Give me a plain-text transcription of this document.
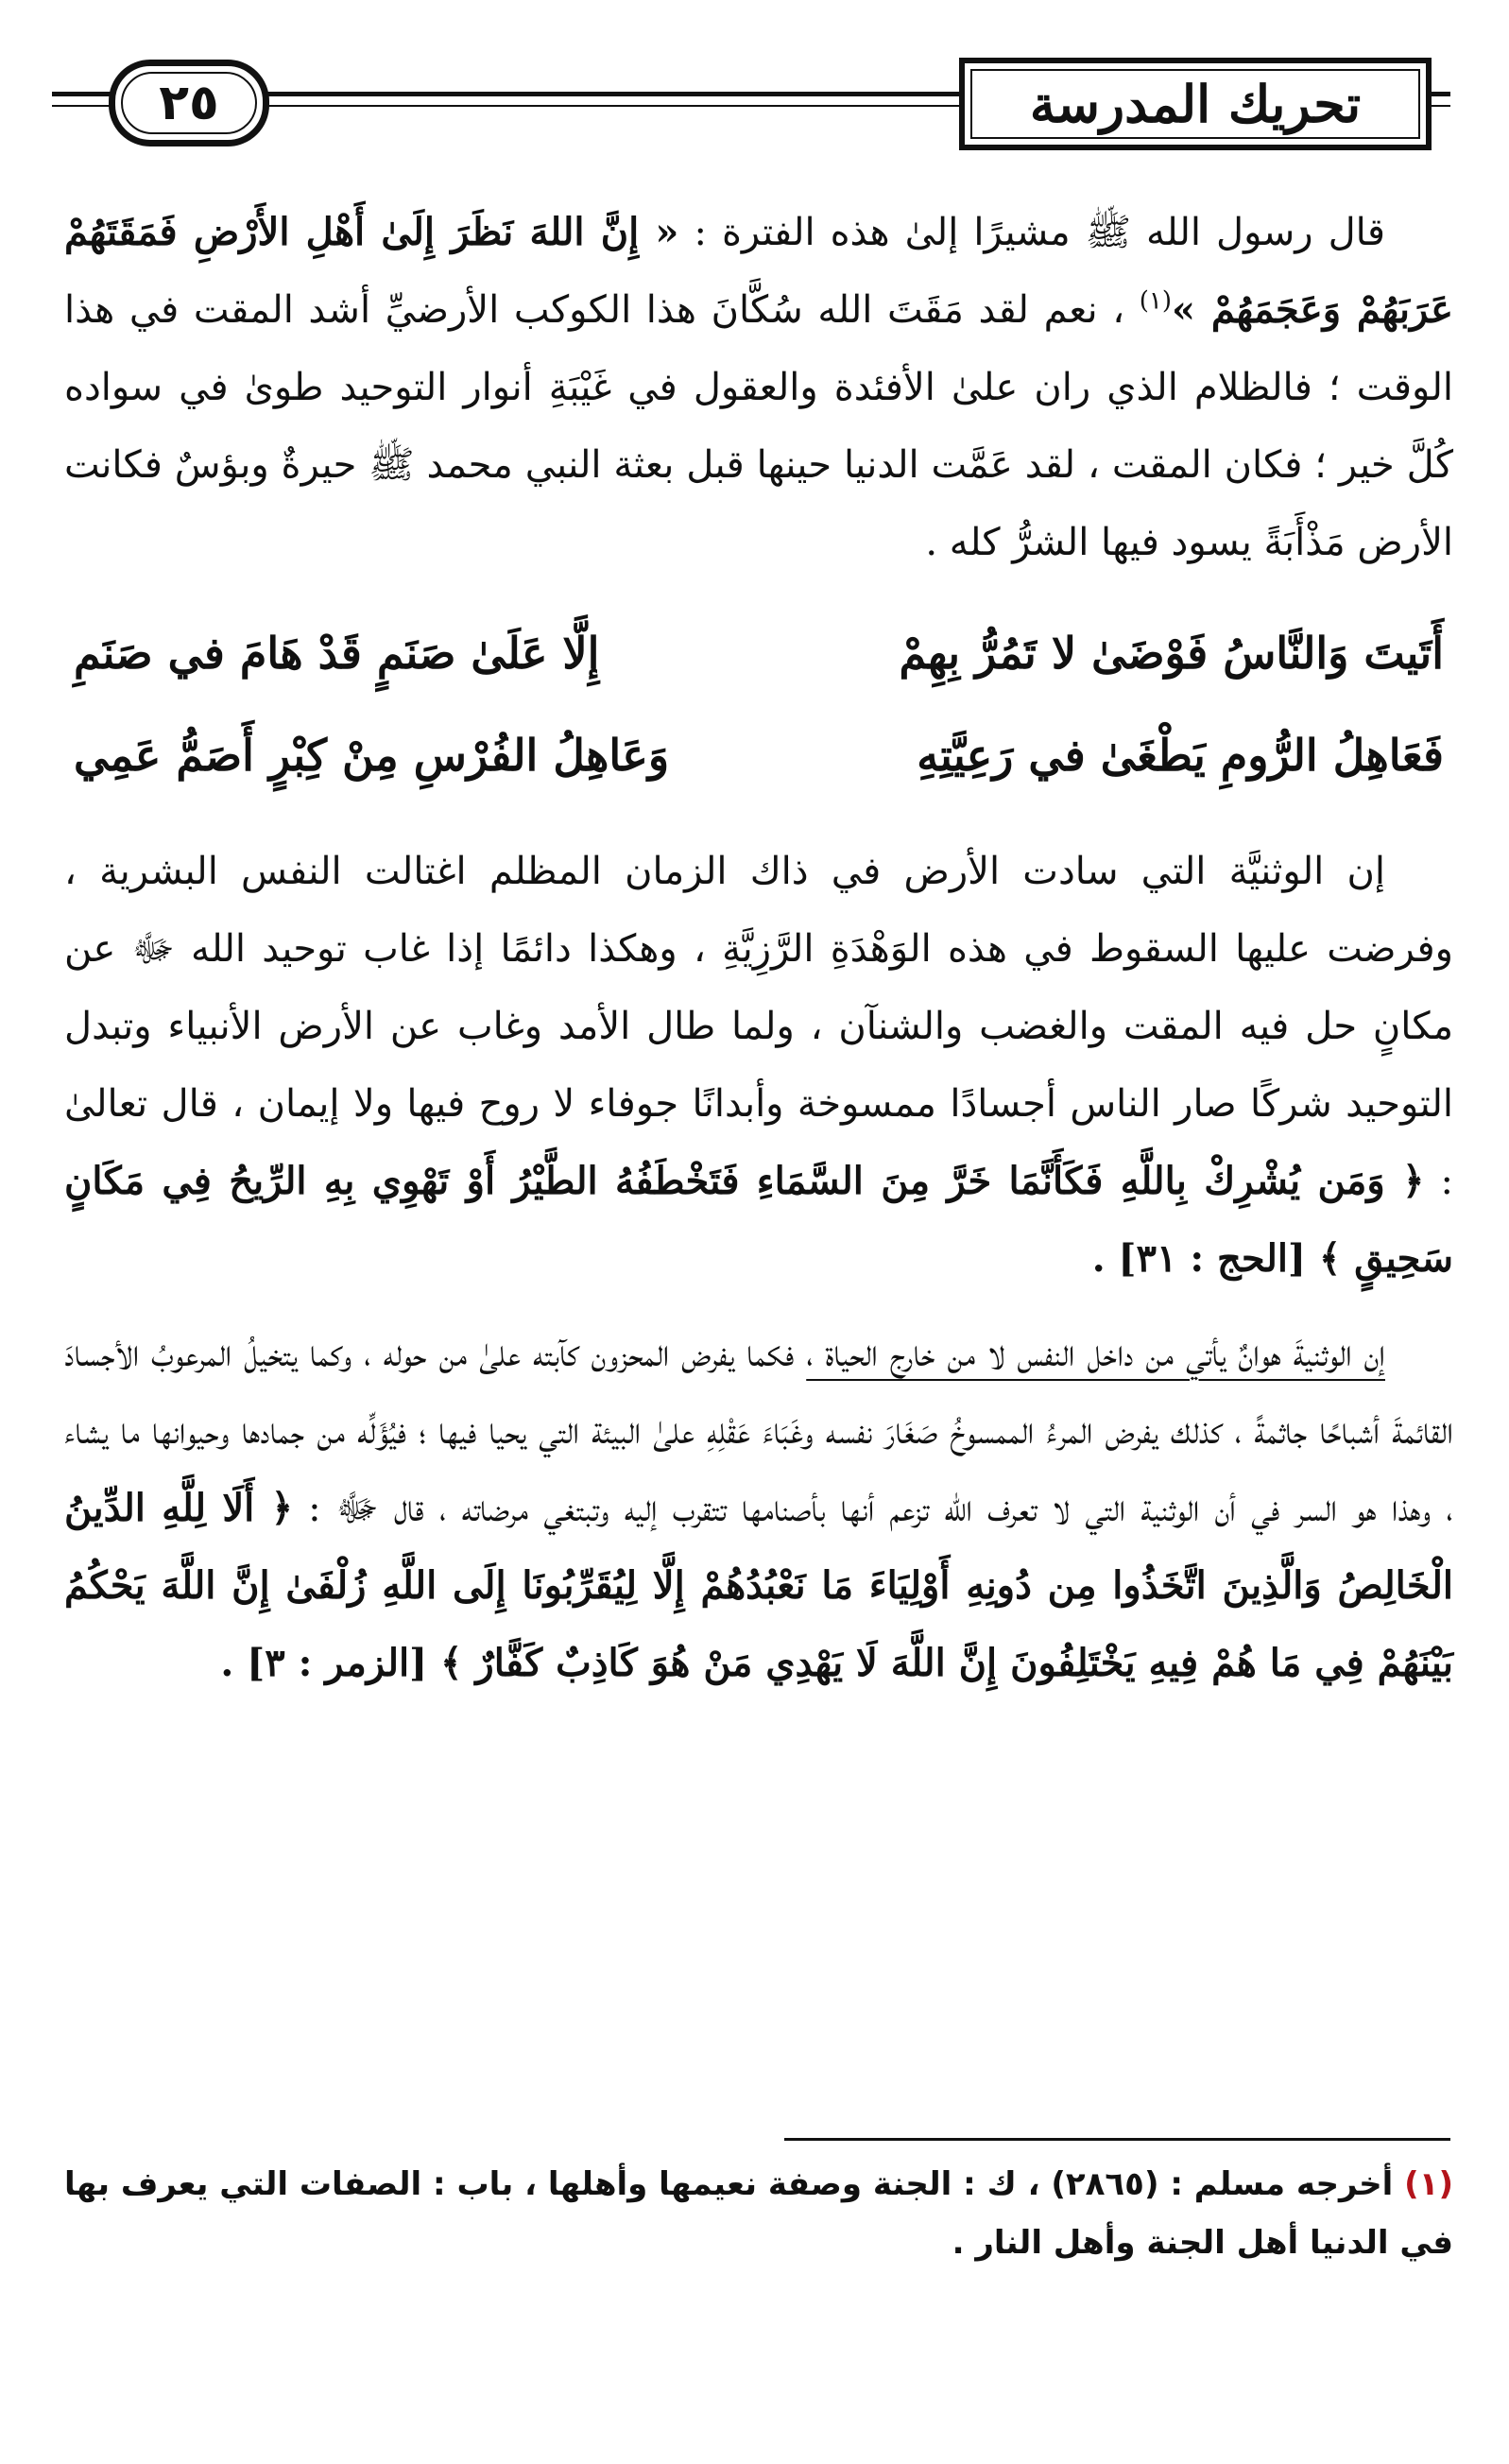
٢٥	تحريك المدرسة

قال رسول الله ﷺ مشيرًا إلىٰ هذه الفترة : « إِنَّ اللهَ نَظَرَ إِلَىٰ أَهْلِ الأَرْضِ فَمَقَتَهُمْ عَرَبَهُمْ وَعَجَمَهُمْ »$^{(١)}$ ، نعم لقد مَقَتَ الله سُكَّانَ هذا الكوكب الأرضيِّ أشد المقت في هذا الوقت ؛ فالظلام الذي ران علىٰ الأفئدة والعقول في غَيْبَةِ أنوار التوحيد طوىٰ في سواده كُلَّ خير ؛ فكان المقت ، لقد عَمَّت الدنيا حينها قبل بعثة النبي محمد ﷺ حيرةٌ وبؤسٌ فكانت الأرض مَذْأَبَةً يسود فيها الشرُّ كله .

أَتَيتَ وَالنَّاسُ فَوْضَىٰ لا تَمُرُّ بِهِمْ
إِلَّا عَلَىٰ صَنَمٍ قَدْ هَامَ في صَنَمِ
فَعَاهِلُ الرُّومِ يَطْغَىٰ في رَعِيَّتِهِ
وَعَاهِلُ الفُرْسِ مِنْ كِبْرٍ أَصَمُّ عَمِي

إن الوثنيَّة التي سادت الأرض في ذاك الزمان المظلم اغتالت النفس البشرية ، وفرضت عليها السقوط في هذه الوَهْدَةِ الرَّزِيَّةِ ، وهكذا دائمًا إذا غاب توحيد الله ﷻ عن مكانٍ حل فيه المقت والغضب والشنآن ، ولما طال الأمد وغاب عن الأرض الأنبياء وتبدل التوحيد شركًا صار الناس أجسادًا ممسوخة وأبدانًا جوفاء لا روح فيها ولا إيمان ، قال تعالىٰ : ﴿ وَمَن يُشْرِكْ بِاللَّهِ فَكَأَنَّمَا خَرَّ مِنَ السَّمَاءِ فَتَخْطَفُهُ الطَّيْرُ أَوْ تَهْوِي بِهِ الرِّيحُ فِي مَكَانٍ سَحِيقٍ ﴾ [الحج : ٣١] .

إن الوثنيةَ هوانٌ يأتي من داخل النفس لا من خارج الحياة ، فكما يفرض المحزون كآبته علىٰ من حوله ، وكما يتخيلُ المرعوبُ الأجسادَ القائمةَ أشباحًا جاثمةً ، كذلك يفرض المرءُ الممسوخُ صَغَارَ نفسه وغَبَاءَ عَقْلِهِ علىٰ البيئة التي يحيا فيها ؛ فيُؤَلِّه من جمادها وحيوانها ما يشاء ، وهذا هو السر في أن الوثنية التي لا تعرف الله تزعم أنها بأصنامها تتقرب إليه وتبتغي مرضاته ، قال ﷻ : ﴿ أَلَا لِلَّهِ الدِّينُ الْخَالِصُ وَالَّذِينَ اتَّخَذُوا مِن دُونِهِ أَوْلِيَاءَ مَا نَعْبُدُهُمْ إِلَّا لِيُقَرِّبُونَا إِلَى اللَّهِ زُلْفَىٰ إِنَّ اللَّهَ يَحْكُمُ بَيْنَهُمْ فِي مَا هُمْ فِيهِ يَخْتَلِفُونَ إِنَّ اللَّهَ لَا يَهْدِي مَنْ هُوَ كَاذِبٌ كَفَّارٌ ﴾ [الزمر : ٣] .

(١) أخرجه مسلم : (٢٨٦٥) ، ك : الجنة وصفة نعيمها وأهلها ، باب : الصفات التي يعرف بها في الدنيا أهل الجنة وأهل النار .
